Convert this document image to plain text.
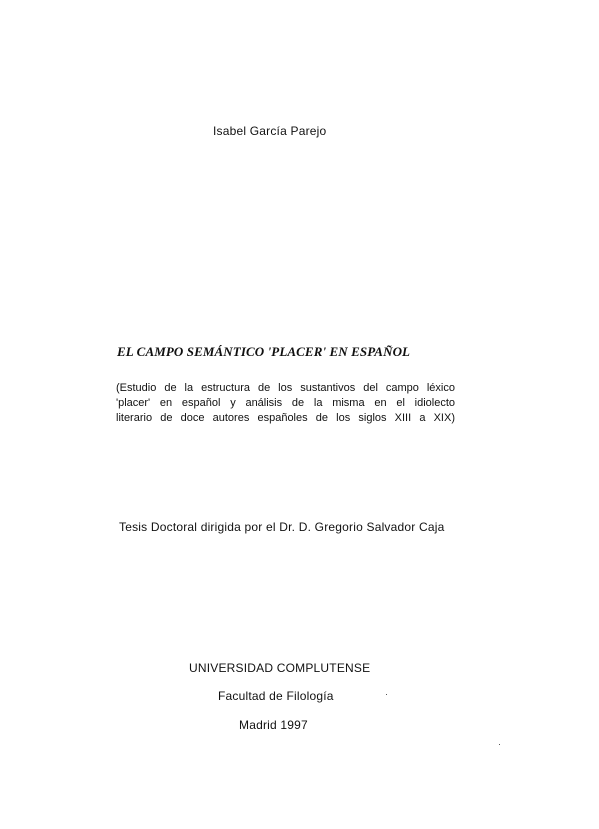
Isabel García Parejo
EL CAMPO SEMÁNTICO 'PLACER' EN ESPAÑOL
(Estudio de la estructura de los sustantivos del campo léxico
'placer' en español y análisis de la misma en el idiolecto
literario de doce autores españoles de los siglos XIII a XIX)
Tesis Doctoral dirigida por el Dr. D. Gregorio Salvador Caja
UNIVERSIDAD COMPLUTENSE
Facultad de Filología
Madrid 1997
